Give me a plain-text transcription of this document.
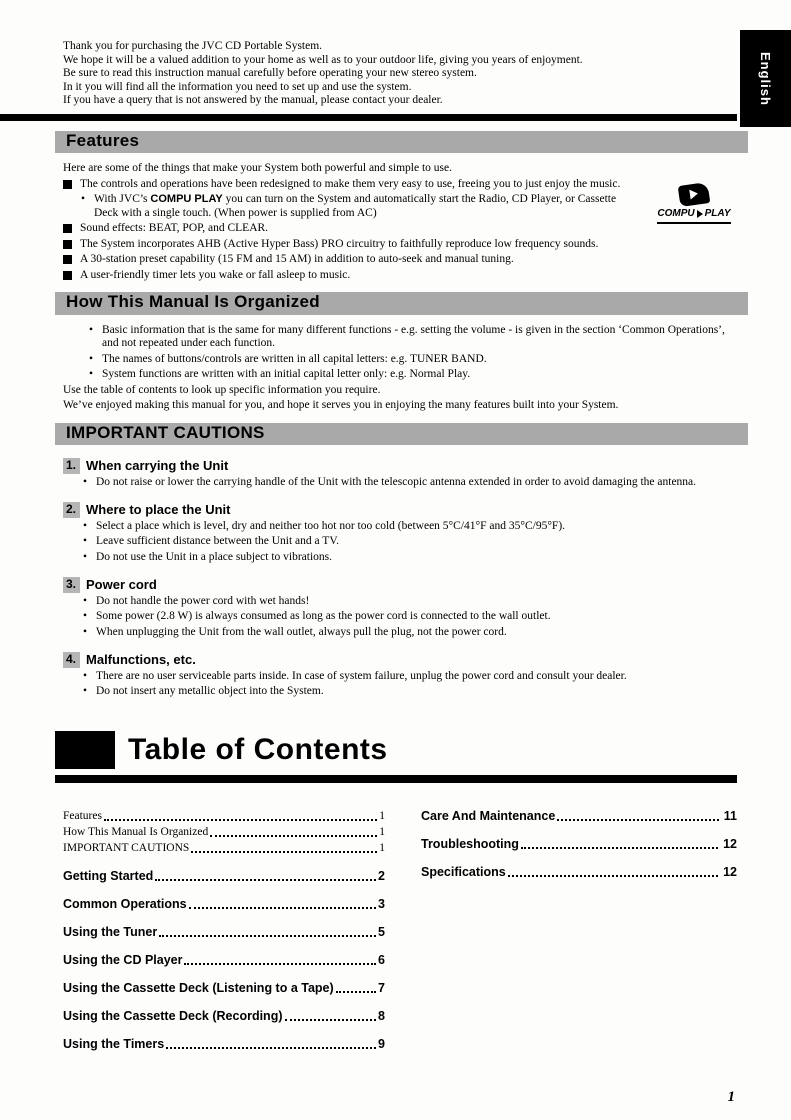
English
Thank you for purchasing the JVC CD Portable System.
We hope it will be a valued addition to your home as well as to your outdoor life, giving you years of enjoyment.
Be sure to read this instruction manual carefully before operating your new stereo system.
In it you will find all the information you need to set up and use the system.
If you have a query that is not answered by the manual, please contact your dealer.
Features
Here are some of the things that make your System both powerful and simple to use.
The controls and operations have been redesigned to make them very easy to use, freeing you to just enjoy the music.
•
With JVC’s COMPU PLAY you can turn on the System and automatically start the Radio, CD Player, or Cassette Deck with a single touch. (When power is supplied from AC)
Sound effects: BEAT, POP, and CLEAR.
The System incorporates AHB (Active Hyper Bass) PRO circuitry to faithfully reproduce low frequency sounds.
A 30-station preset capability (15 FM and 15 AM) in addition to auto-seek and manual tuning.
A user-friendly timer lets you wake or fall asleep to music.
COMPU PLAY
How This Manual Is Organized
•
Basic information that is the same for many different functions - e.g. setting the volume - is given in the section ‘Common Operations’, and not repeated under each function.
•
The names of buttons/controls are written in all capital letters: e.g. TUNER BAND.
•
System functions are written with an initial capital letter only: e.g. Normal Play.
Use the table of contents to look up specific information you require.
We’ve enjoyed making this manual for you, and hope it serves you in enjoying the many features built into your System.
IMPORTANT CAUTIONS
1. When carrying the Unit
•
Do not raise or lower the carrying handle of the Unit with the telescopic antenna extended in order to avoid damaging the antenna.
2. Where to place the Unit
•
Select a place which is level, dry and neither too hot nor too cold (between 5°C/41°F and 35°C/95°F).
•
Leave sufficient distance between the Unit and a TV.
•
Do not use the Unit in a place subject to vibrations.
3. Power cord
•
Do not handle the power cord with wet hands!
•
Some power (2.8 W) is always consumed as long as the power cord is connected to the wall outlet.
•
When unplugging the Unit from the wall outlet, always pull the plug, not the power cord.
4. Malfunctions, etc.
•
There are no user serviceable parts inside. In case of system failure, unplug the power cord and consult your dealer.
•
Do not insert any metallic object into the System.
Table of Contents
Features	1
How This Manual Is Organized	1
IMPORTANT CAUTIONS	1
Getting Started	2
Common Operations	3
Using the Tuner	5
Using the CD Player	6
Using the Cassette Deck (Listening to a Tape)	7
Using the Cassette Deck (Recording)	8
Using the Timers	9
Care And Maintenance	11
Troubleshooting	12
Specifications	12
1
